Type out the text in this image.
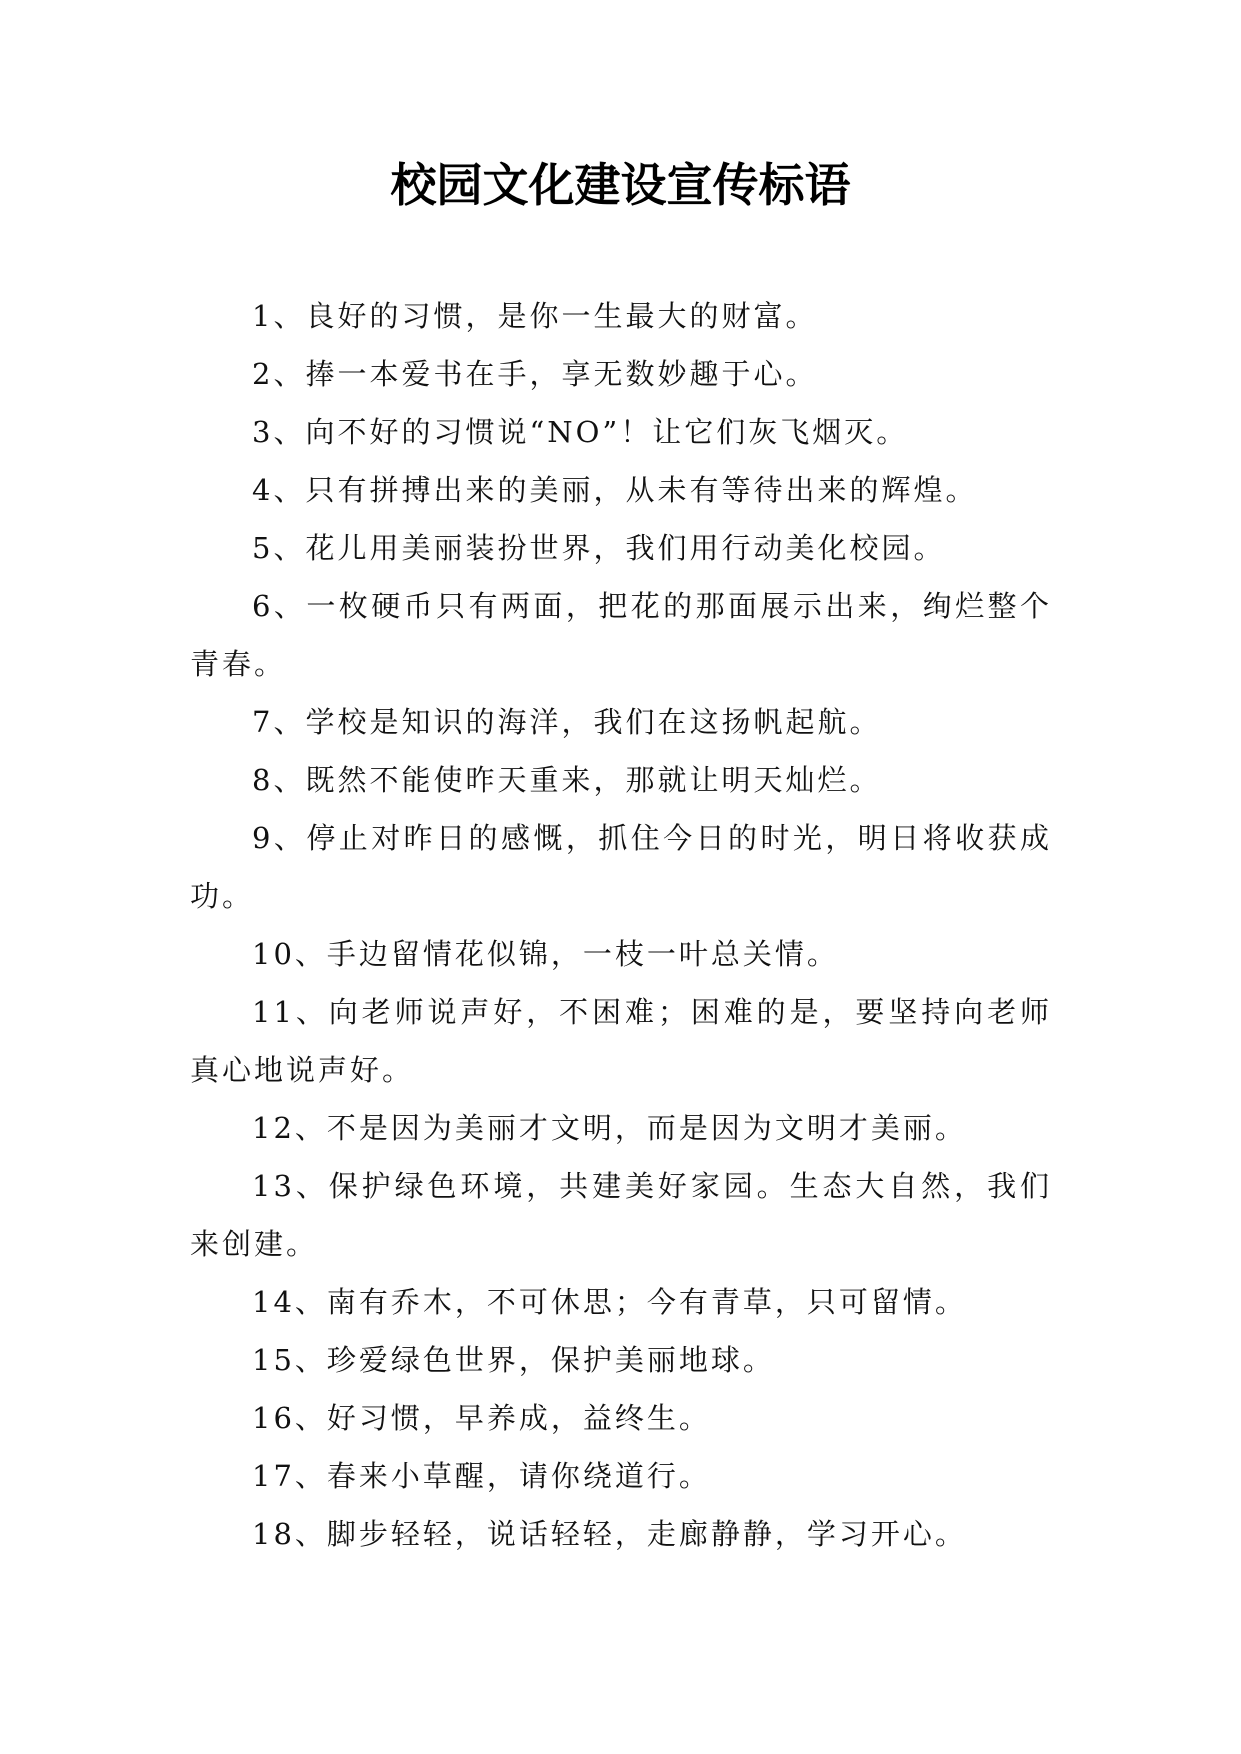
校园文化建设宣传标语

1、良好的习惯，是你一生最大的财富。

2、捧一本爱书在手，享无数妙趣于心。

3、向不好的习惯说“NO”！让它们灰飞烟灭。

4、只有拼搏出来的美丽，从未有等待出来的辉煌。

5、花儿用美丽装扮世界，我们用行动美化校园。

6、一枚硬币只有两面，把花的那面展示出来，绚烂整个青春。

7、学校是知识的海洋，我们在这扬帆起航。

8、既然不能使昨天重来，那就让明天灿烂。

9、停止对昨日的感慨，抓住今日的时光，明日将收获成功。

10、手边留情花似锦，一枝一叶总关情。

11、向老师说声好，不困难；困难的是，要坚持向老师真心地说声好。

12、不是因为美丽才文明，而是因为文明才美丽。

13、保护绿色环境，共建美好家园。生态大自然，我们来创建。

14、南有乔木，不可休思；今有青草，只可留情。

15、珍爱绿色世界，保护美丽地球。

16、好习惯，早养成，益终生。

17、春来小草醒，请你绕道行。

18、脚步轻轻，说话轻轻，走廊静静，学习开心。
